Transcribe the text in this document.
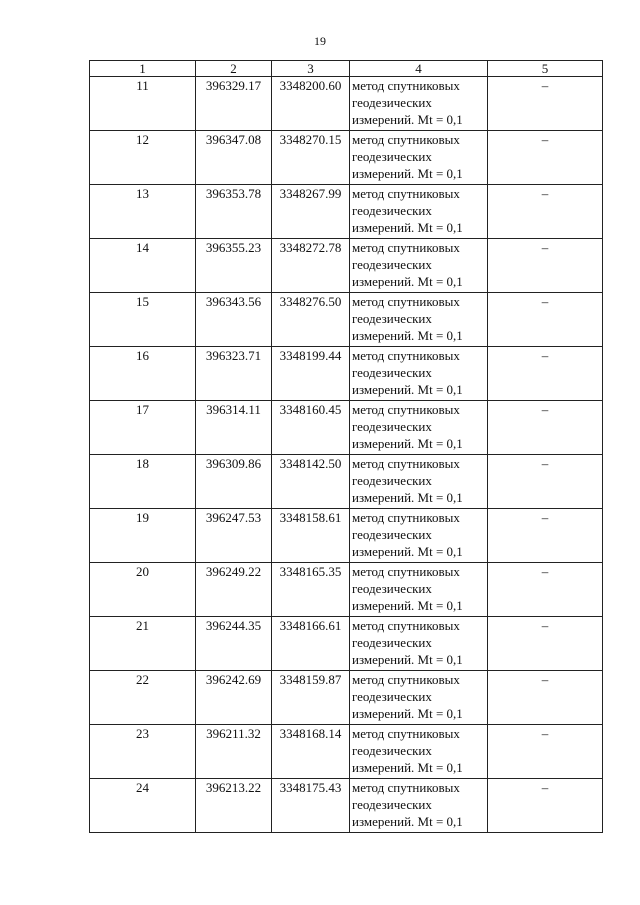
19
1	2	3	4	5
11	396329.17	3348200.60	метод спутниковых
геодезических
измерений. Mt = 0,1	–
12	396347.08	3348270.15	метод спутниковых
геодезических
измерений. Mt = 0,1	–
13	396353.78	3348267.99	метод спутниковых
геодезических
измерений. Mt = 0,1	–
14	396355.23	3348272.78	метод спутниковых
геодезических
измерений. Mt = 0,1	–
15	396343.56	3348276.50	метод спутниковых
геодезических
измерений. Mt = 0,1	–
16	396323.71	3348199.44	метод спутниковых
геодезических
измерений. Mt = 0,1	–
17	396314.11	3348160.45	метод спутниковых
геодезических
измерений. Mt = 0,1	–
18	396309.86	3348142.50	метод спутниковых
геодезических
измерений. Mt = 0,1	–
19	396247.53	3348158.61	метод спутниковых
геодезических
измерений. Mt = 0,1	–
20	396249.22	3348165.35	метод спутниковых
геодезических
измерений. Mt = 0,1	–
21	396244.35	3348166.61	метод спутниковых
геодезических
измерений. Mt = 0,1	–
22	396242.69	3348159.87	метод спутниковых
геодезических
измерений. Mt = 0,1	–
23	396211.32	3348168.14	метод спутниковых
геодезических
измерений. Mt = 0,1	–
24	396213.22	3348175.43	метод спутниковых
геодезических
измерений. Mt = 0,1	–
